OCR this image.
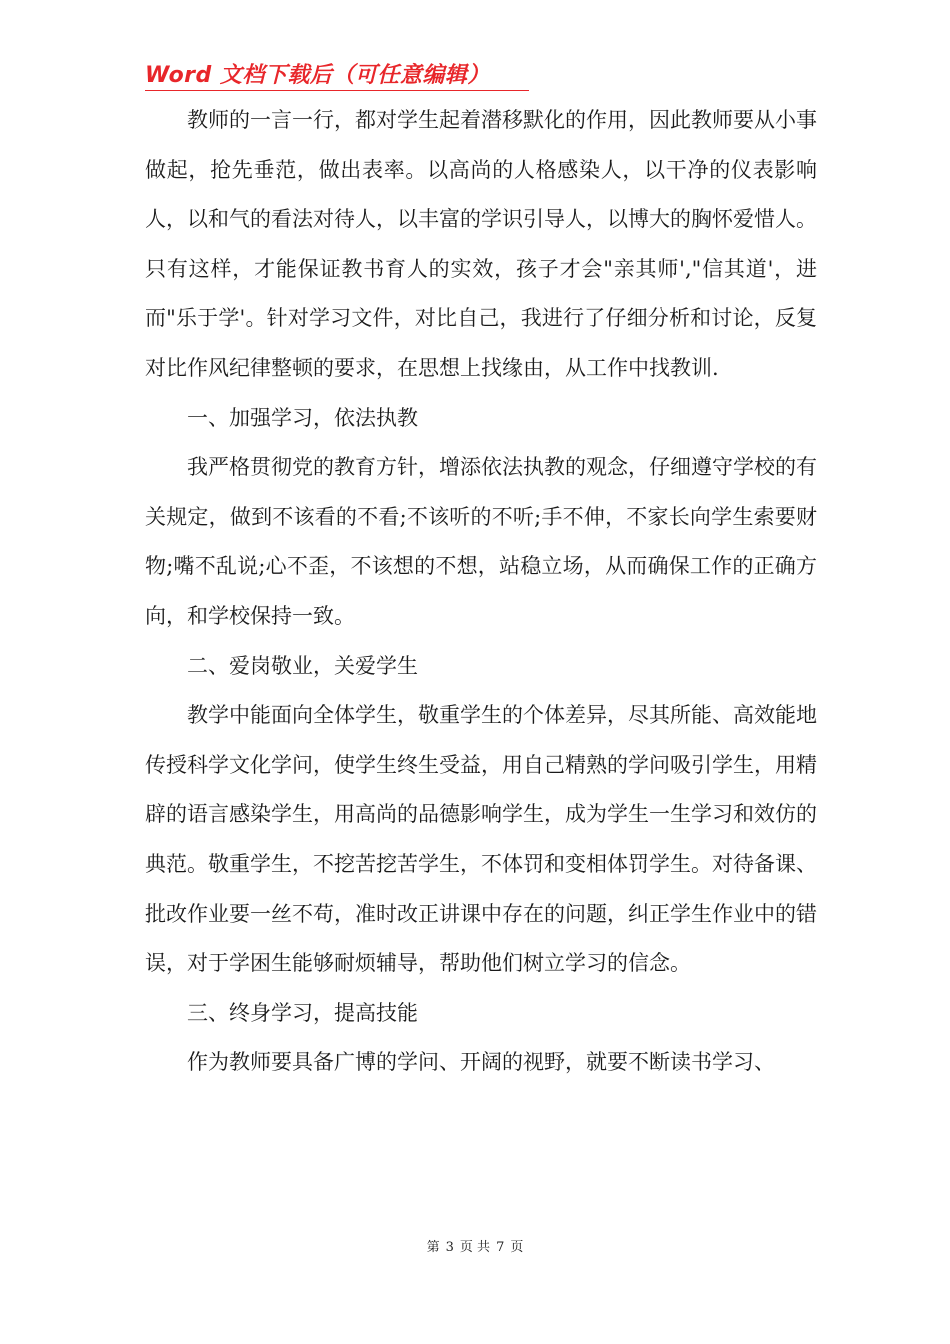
Word 文档下载后（可任意编辑）

教师的一言一行，都对学生起着潜移默化的作用，因此教师要从小事做起，抢先垂范，做出表率。以高尚的人格感染人，以干净的仪表影响人，以和气的看法对待人，以丰富的学识引导人，以博大的胸怀爱惜人。只有这样，才能保证教书育人的实效，孩子才会"亲其师',"信其道'，进而"乐于学'。针对学习文件，对比自己，我进行了仔细分析和讨论，反复对比作风纪律整顿的要求，在思想上找缘由，从工作中找教训.

一、加强学习，依法执教

我严格贯彻党的教育方针，增添依法执教的观念，仔细遵守学校的有关规定，做到不该看的不看;不该听的不听;手不伸，不家长向学生索要财物;嘴不乱说;心不歪，不该想的不想，站稳立场，从而确保工作的正确方向，和学校保持一致。

二、爱岗敬业，关爱学生

教学中能面向全体学生，敬重学生的个体差异，尽其所能、高效能地传授科学文化学问，使学生终生受益，用自己精熟的学问吸引学生，用精辟的语言感染学生，用高尚的品德影响学生，成为学生一生学习和效仿的典范。敬重学生，不挖苦挖苦学生，不体罚和变相体罚学生。对待备课、批改作业要一丝不苟，准时改正讲课中存在的问题，纠正学生作业中的错误，对于学困生能够耐烦辅导，帮助他们树立学习的信念。

三、终身学习，提高技能

作为教师要具备广博的学问、开阔的视野，就要不断读书学习、

第 3 页 共 7 页
